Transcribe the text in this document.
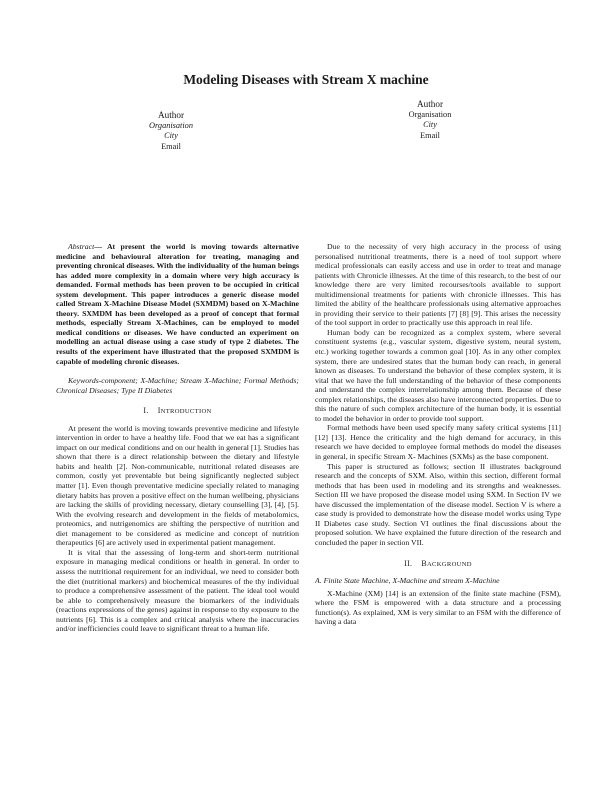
Modeling Diseases with Stream X machine
Author
Organisation
City
Email
Author
Organisation
City
Email

Abstract— At present the world is moving towards alternative medicine and behavioural alteration for treating, managing and preventing chronical diseases. With the individuality of the human beings has added more complexity in a domain where very high accuracy is demanded. Formal methods has been proven to be occupied in critical system development. This paper introduces a generic disease model called Stream X-Machine Disease Model (SXMDM) based on X-Machine theory. SXMDM has been developed as a proof of concept that formal methods, especially Stream X-Machines, can be employed to model medical conditions or diseases. We have conducted an experiment on modelling an actual disease using a case study of type 2 diabetes. The results of the experiment have illustrated that the proposed SXMDM is capable of modeling chronic diseases.

Keywords-component; X-Machine; Stream X-Machine; Formal Methods; Chronical Diseases; Type II Diabetes

I. INTRODUCTION

At present the world is moving towards preventive medicine and lifestyle intervention in order to have a healthy life. Food that we eat has a significant impact on our medical conditions and on our health in general [1]. Studies has shown that there is a direct relationship between the dietary and lifestyle habits and health [2]. Non-communicable, nutritional related diseases are common, costly yet preventable but being significantly neglected subject matter [1]. Even though preventative medicine specially related to managing dietary habits has proven a positive effect on the human wellbeing, physicians are lacking the skills of providing necessary, dietary counselling [3], [4], [5]. With the evolving research and development in the fields of metabolomics, proteomics, and nutrigenomics are shifting the perspective of nutrition and diet management to be considered as medicine and concept of nutrition therapeutics [6] are actively used in experimental patient management.

It is vital that the assessing of long-term and short-term nutritional exposure in managing medical conditions or health in general. In order to assess the nutritional requirement for an individual, we need to consider both the diet (nutritional markers) and biochemical measures of the thy individual to produce a comprehensive assessment of the patient. The ideal tool would be able to comprehensively measure the biomarkers of the individuals (reactions expressions of the genes) against in response to thy exposure to the nutrients [6]. This is a complex and critical analysis where the inaccuracies and/or inefficiencies could leave to significant threat to a human life.

Due to the necessity of very high accuracy in the process of using personalised nutritional treatments, there is a need of tool support where medical professionals can easily access and use in order to treat and manage patients with Chronicle illnesses. At the time of this research, to the best of our knowledge there are very limited recourses/tools available to support multidimensional treatments for patients with chronicle illnesses. This has limited the ability of the healthcare professionals using alternative approaches in providing their service to their patients [7] [8] [9]. This arises the necessity of the tool support in order to practically use this approach in real life.

Human body can be recognized as a complex system, where several constituent systems (e.g., vascular system, digestive system, neural system, etc.) working together towards a common goal [10]. As in any other complex system, there are undesired states that the human body can reach, in general known as diseases. To understand the behavior of these complex system, it is vital that we have the full understanding of the behavior of these components and understand the complex interrelationship among them. Because of these complex relationships, the diseases also have interconnected properties. Due to this the nature of such complex architecture of the human body, it is essential to model the behavior in order to provide tool support.

Formal methods have been used specify many safety critical systems [11] [12] [13]. Hence the criticality and the high demand for accuracy, in this research we have decided to employee formal methods do model the diseases in general, in specific Stream X- Machines (SXMs) as the base component.

This paper is structured as follows; section II illustrates background research and the concepts of SXM. Also, within this section, different formal methods that has been used in modeling and its strengths and weaknesses. Section III we have proposed the disease model using SXM. In Section IV we have discussed the implementation of the disease model. Section V is where a case study is provided to demonstrate how the disease model works using Type II Diabetes case study. Section VI outlines the final discussions about the proposed solution. We have explained the future direction of the research and concluded the paper in section VII.

II. BACKGROUND

A. Finite State Machine, X-Machine and stream X-Machine

X-Machine (XM) [14] is an extension of the finite state machine (FSM), where the FSM is empowered with a data structure and a processing function(s). As explained, XM is very similar to an FSM with the difference of having a data
